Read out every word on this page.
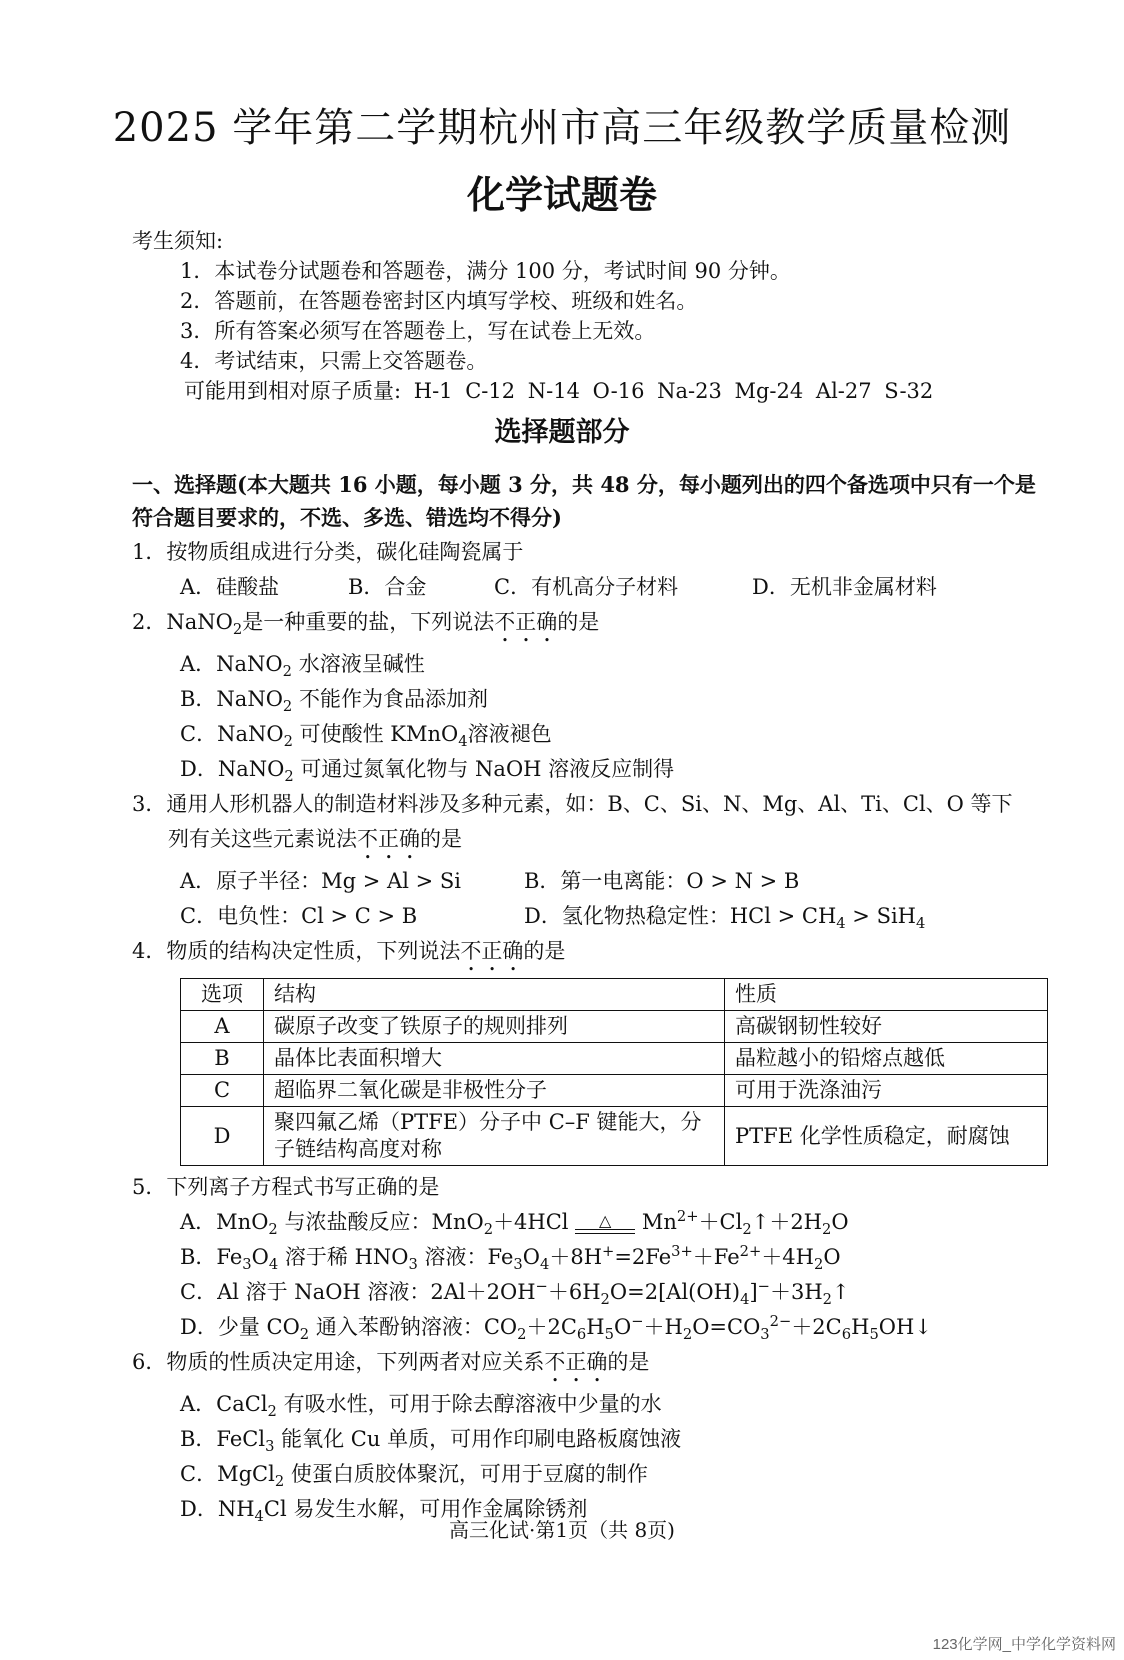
2025 学年第二学期杭州市高三年级教学质量检测
化学试题卷
考生须知:
1．本试卷分试题卷和答题卷，满分 100 分，考试时间 90 分钟。
2．答题前，在答题卷密封区内填写学校、班级和姓名。
3．所有答案必须写在答题卷上，写在试卷上无效。
4．考试结束，只需上交答题卷。
可能用到相对原子质量: H-1 C-12 N-14 O-16 Na-23 Mg-24 Al-27 S-32
选择题部分
一、选择题(本大题共 16 小题，每小题 3 分，共 48 分，每小题列出的四个备选项中只有一个是符合题目要求的，不选、多选、错选均不得分)
1．按物质组成进行分类，碳化硅陶瓷属于
A．硅酸盐	B．合金	C．有机高分子材料	D．无机非金属材料
2．NaNO$_2$是一种重要的盐，下列说法不正确的是
A．NaNO$_2$ 水溶液呈碱性
B．NaNO$_2$ 不能作为食品添加剂
C．NaNO$_2$ 可使酸性 KMnO$_4$溶液褪色
D．NaNO$_2$ 可通过氮氧化物与 NaOH 溶液反应制得
3．通用人形机器人的制造材料涉及多种元素，如：B、C、Si、N、Mg、Al、Ti、Cl、O 等下
列有关这些元素说法不正确的是
A．原子半径：Mg > Al > Si	B．第一电离能：O > N > B
C．电负性：Cl > C > B	D．氢化物热稳定性：HCl > $CH_4 > SiH_4$
4．物质的结构决定性质，下列说法不正确的是
选项	结构	性质
A	碳原子改变了铁原子的规则排列	高碳钢韧性较好
B	晶体比表面积增大	晶粒越小的铅熔点越低
C	超临界二氧化碳是非极性分子	可用于洗涤油污
D	聚四氟乙烯（PTFE）分子中 C–F 键能大，分子链结构高度对称	PTFE 化学性质稳定，耐腐蚀
5．下列离子方程式书写正确的是
A．MnO$_2$ 与浓盐酸反应：MnO$_2$＋4HCl	△	$Mn^{2+}+Cl_2↑+2H_2O$
B．$Fe_3O_4$ 溶于稀 $HNO_3$ 溶液：$Fe_3O_4+8H^+=2Fe^{3+}+Fe^{2+}+4H_2O$
C．Al 溶于 NaOH 溶液：$2Al+2OH^-+6H_2O=2[Al(OH)_4]^-+3H_2↑$
D．少量 $CO_2$ 通入苯酚钠溶液：$CO_2+2C_6H_5O^-+H_2O=CO_3^{2-}+2C_6H_5OH↓$
6．物质的性质决定用途，下列两者对应关系不正确的是
A．CaCl$_2$ 有吸水性，可用于除去醇溶液中少量的水
B．FeCl$_3$ 能氧化 Cu 单质，可用作印刷电路板腐蚀液
C．MgCl$_2$ 使蛋白质胶体聚沉，可用于豆腐的制作
D．$NH_4Cl$ 易发生水解，可用作金属除锈剂
高三化试·第1页（共 8页)
123化学网_中学化学资料网
